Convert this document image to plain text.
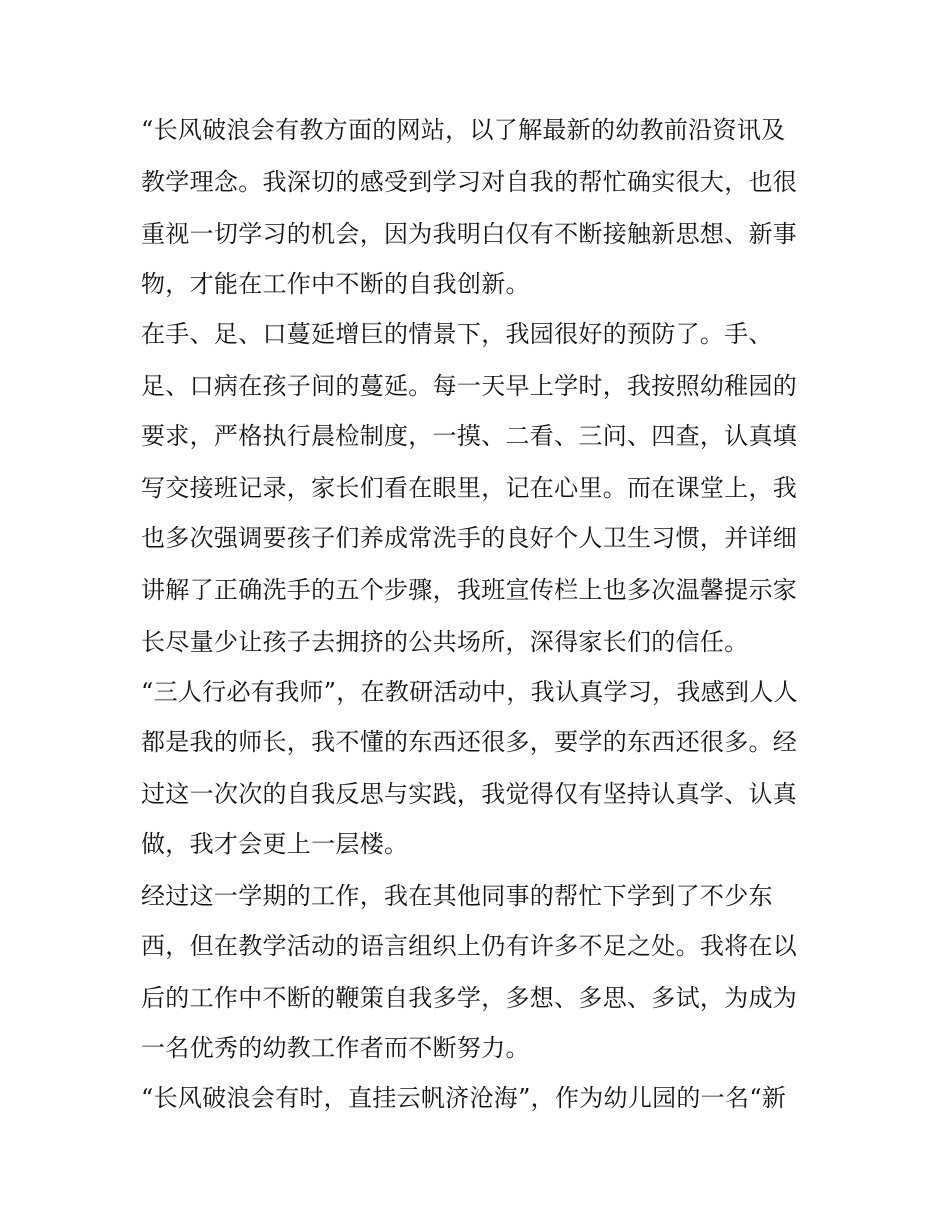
“长风破浪会有教方面的网站，以了解最新的幼教前沿资讯及
教学理念。我深切的感受到学习对自我的帮忙确实很大，也很
重视一切学习的机会，因为我明白仅有不断接触新思想、新事
物，才能在工作中不断的自我创新。
在手、足、口蔓延增巨的情景下，我园很好的预防了。手、
足、口病在孩子间的蔓延。每一天早上学时，我按照幼稚园的
要求，严格执行晨检制度，一摸、二看、三问、四查，认真填
写交接班记录，家长们看在眼里，记在心里。而在课堂上，我
也多次强调要孩子们养成常洗手的良好个人卫生习惯，并详细
讲解了正确洗手的五个步骤，我班宣传栏上也多次温馨提示家
长尽量少让孩子去拥挤的公共场所，深得家长们的信任。
“三人行必有我师”，在教研活动中，我认真学习，我感到人人
都是我的师长，我不懂的东西还很多，要学的东西还很多。经
过这一次次的自我反思与实践，我觉得仅有坚持认真学、认真
做，我才会更上一层楼。
经过这一学期的工作，我在其他同事的帮忙下学到了不少东
西，但在教学活动的语言组织上仍有许多不足之处。我将在以
后的工作中不断的鞭策自我多学，多想、多思、多试，为成为
一名优秀的幼教工作者而不断努力。
“长风破浪会有时，直挂云帆济沧海”，作为幼儿园的一名“新
